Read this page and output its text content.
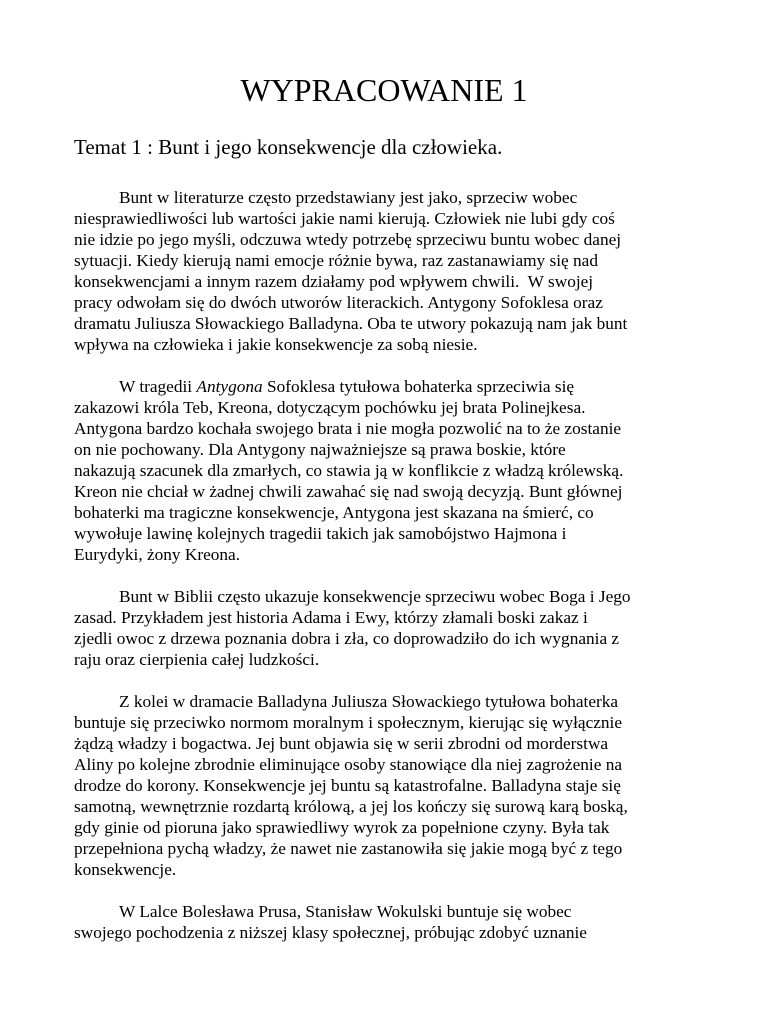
WYPRACOWANIE 1
Temat 1 : Bunt i jego konsekwencje dla człowieka.

Bunt w literaturze często przedstawiany jest jako, sprzeciw wobec
niesprawiedliwości lub wartości jakie nami kierują. Człowiek nie lubi gdy coś
nie idzie po jego myśli, odczuwa wtedy potrzebę sprzeciwu buntu wobec danej
sytuacji. Kiedy kierują nami emocje różnie bywa, raz zastanawiamy się nad
konsekwencjami a innym razem działamy pod wpływem chwili.  W swojej
pracy odwołam się do dwóch utworów literackich. Antygony Sofoklesa oraz
dramatu Juliusza Słowackiego Balladyna. Oba te utwory pokazują nam jak bunt
wpływa na człowieka i jakie konsekwencje za sobą niesie.

W tragedii Antygona Sofoklesa tytułowa bohaterka sprzeciwia się
zakazowi króla Teb, Kreona, dotyczącym pochówku jej brata Polinejkesa.
Antygona bardzo kochała swojego brata i nie mogła pozwolić na to że zostanie
on nie pochowany. Dla Antygony najważniejsze są prawa boskie, które
nakazują szacunek dla zmarłych, co stawia ją w konflikcie z władzą królewską.
Kreon nie chciał w żadnej chwili zawahać się nad swoją decyzją. Bunt głównej
bohaterki ma tragiczne konsekwencje, Antygona jest skazana na śmierć, co
wywołuje lawinę kolejnych tragedii takich jak samobójstwo Hajmona i
Eurydyki, żony Kreona.

Bunt w Biblii często ukazuje konsekwencje sprzeciwu wobec Boga i Jego
zasad. Przykładem jest historia Adama i Ewy, którzy złamali boski zakaz i
zjedli owoc z drzewa poznania dobra i zła, co doprowadziło do ich wygnania z
raju oraz cierpienia całej ludzkości.

Z kolei w dramacie Balladyna Juliusza Słowackiego tytułowa bohaterka
buntuje się przeciwko normom moralnym i społecznym, kierując się wyłącznie
żądzą władzy i bogactwa. Jej bunt objawia się w serii zbrodni od morderstwa
Aliny po kolejne zbrodnie eliminujące osoby stanowiące dla niej zagrożenie na
drodze do korony. Konsekwencje jej buntu są katastrofalne. Balladyna staje się
samotną, wewnętrznie rozdartą królową, a jej los kończy się surową karą boską,
gdy ginie od pioruna jako sprawiedliwy wyrok za popełnione czyny. Była tak
przepełniona pychą władzy, że nawet nie zastanowiła się jakie mogą być z tego
konsekwencje.

W Lalce Bolesława Prusa, Stanisław Wokulski buntuje się wobec
swojego pochodzenia z niższej klasy społecznej, próbując zdobyć uznanie
